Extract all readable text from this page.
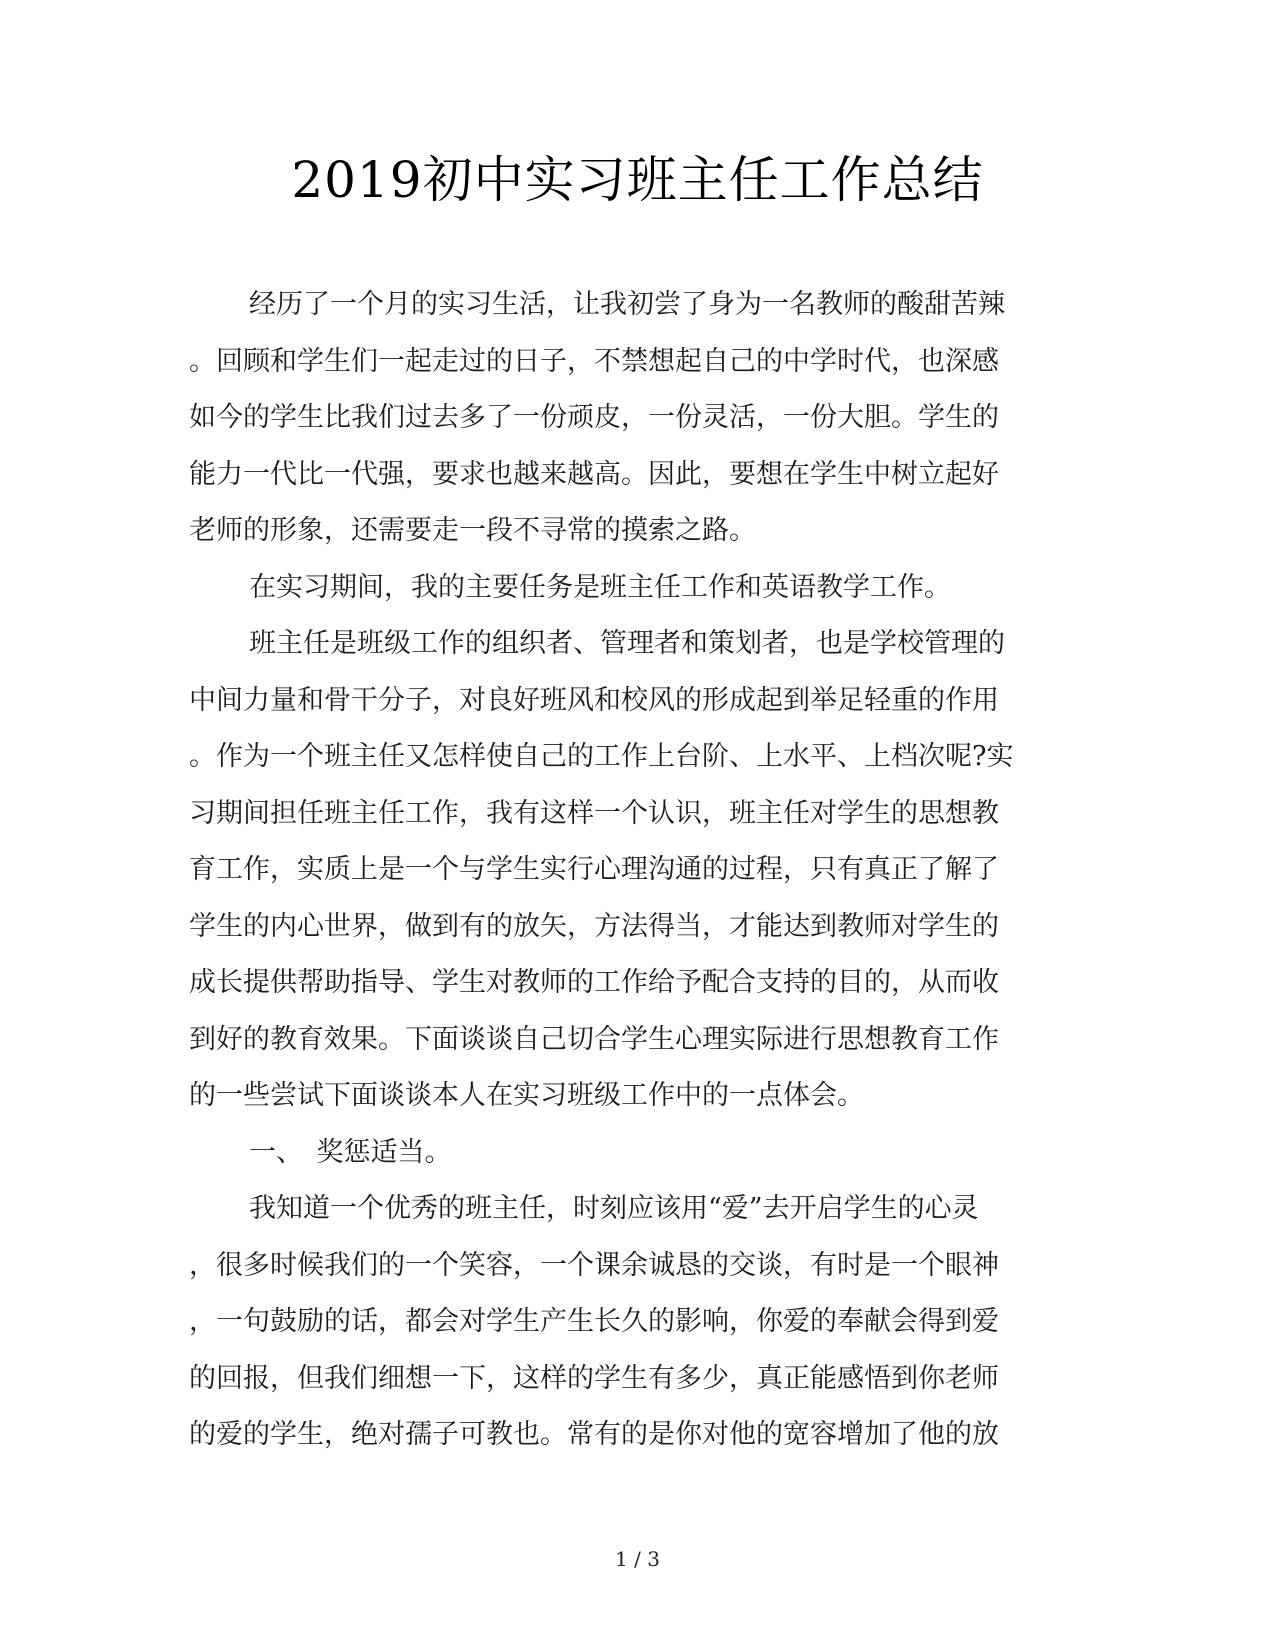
2019初中实习班主任工作总结
经历了一个月的实习生活，让我初尝了身为一名教师的酸甜苦辣
。回顾和学生们一起走过的日子，不禁想起自己的中学时代，也深感
如今的学生比我们过去多了一份顽皮，一份灵活，一份大胆。学生的
能力一代比一代强，要求也越来越高。因此，要想在学生中树立起好
老师的形象，还需要走一段不寻常的摸索之路。
在实习期间，我的主要任务是班主任工作和英语教学工作。
班主任是班级工作的组织者、管理者和策划者，也是学校管理的
中间力量和骨干分子，对良好班风和校风的形成起到举足轻重的作用
。作为一个班主任又怎样使自己的工作上台阶、上水平、上档次呢?实
习期间担任班主任工作，我有这样一个认识，班主任对学生的思想教
育工作，实质上是一个与学生实行心理沟通的过程，只有真正了解了
学生的内心世界，做到有的放矢，方法得当，才能达到教师对学生的
成长提供帮助指导、学生对教师的工作给予配合支持的目的，从而收
到好的教育效果。下面谈谈自己切合学生心理实际进行思想教育工作
的一些尝试下面谈谈本人在实习班级工作中的一点体会。
一、　奖惩适当。
我知道一个优秀的班主任，时刻应该用“爱”去开启学生的心灵
，很多时候我们的一个笑容，一个课余诚恳的交谈，有时是一个眼神
，一句鼓励的话，都会对学生产生长久的影响，你爱的奉献会得到爱
的回报，但我们细想一下，这样的学生有多少，真正能感悟到你老师
的爱的学生，绝对孺子可教也。常有的是你对他的宽容增加了他的放
1 / 3
